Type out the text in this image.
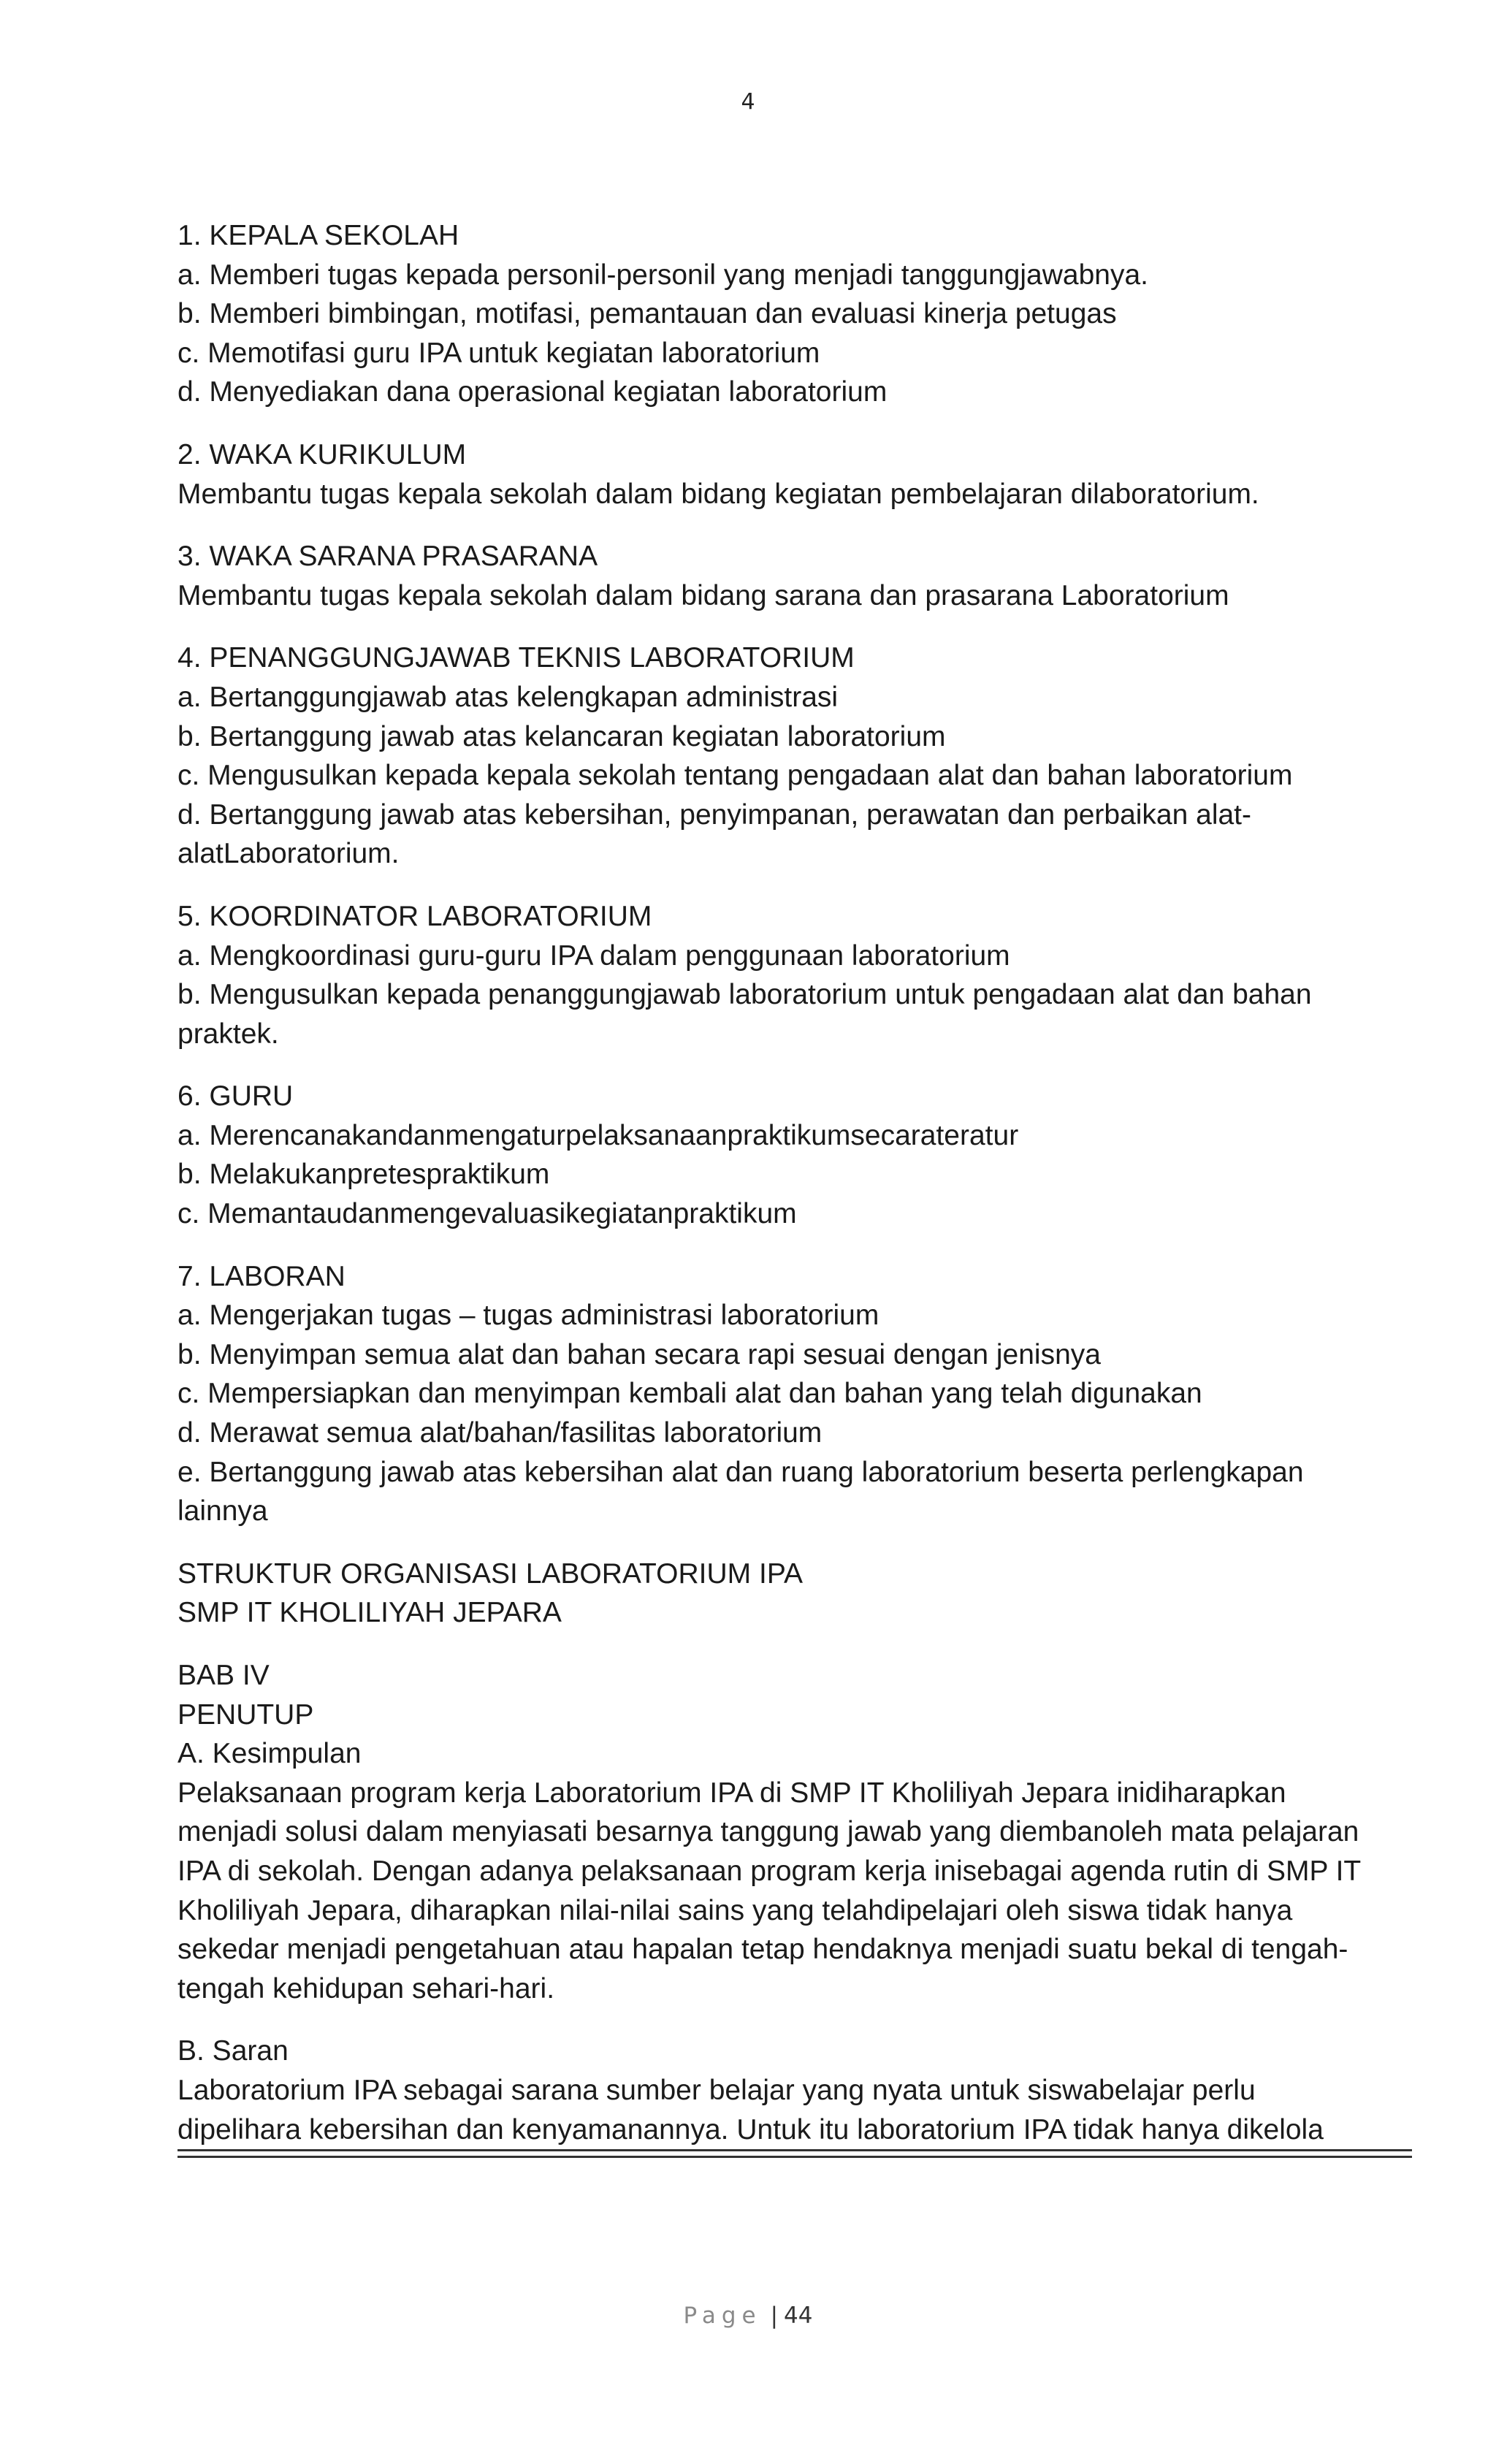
4

1. KEPALA SEKOLAH

a. Memberi tugas kepada personil-personil yang menjadi tanggungjawabnya.

b. Memberi bimbingan, motifasi, pemantauan dan evaluasi kinerja petugas

c. Memotifasi guru IPA untuk kegiatan laboratorium

d. Menyediakan dana operasional kegiatan laboratorium

2. WAKA KURIKULUM

Membantu tugas kepala sekolah dalam bidang kegiatan pembelajaran dilaboratorium.

3. WAKA SARANA PRASARANA

Membantu tugas kepala sekolah dalam bidang sarana dan prasarana Laboratorium

4. PENANGGUNGJAWAB TEKNIS LABORATORIUM

a. Bertanggungjawab atas kelengkapan administrasi

b. Bertanggung jawab atas kelancaran kegiatan laboratorium

c. Mengusulkan kepada kepala sekolah tentang pengadaan alat dan bahan laboratorium

d. Bertanggung jawab atas kebersihan, penyimpanan, perawatan dan perbaikan alat-

alatLaboratorium.

5. KOORDINATOR LABORATORIUM

a. Mengkoordinasi guru-guru IPA dalam penggunaan laboratorium

b. Mengusulkan kepada penanggungjawab laboratorium untuk pengadaan alat dan bahan

praktek.

6. GURU

a. Merencanakandanmengaturpelaksanaanpraktikumsecarateratur

b. Melakukanpretespraktikum

c. Memantaudanmengevaluasikegiatanpraktikum

7. LABORAN

a. Mengerjakan tugas – tugas administrasi laboratorium

b. Menyimpan semua alat dan bahan secara rapi sesuai dengan jenisnya

c. Mempersiapkan dan menyimpan kembali alat dan bahan yang telah digunakan

d. Merawat semua alat/bahan/fasilitas laboratorium

e. Bertanggung jawab atas kebersihan alat dan ruang laboratorium beserta perlengkapan

lainnya

STRUKTUR ORGANISASI LABORATORIUM IPA

SMP IT KHOLILIYAH JEPARA

BAB IV

PENUTUP

A. Kesimpulan

Pelaksanaan program kerja Laboratorium IPA di SMP IT Kholiliyah Jepara inidiharapkan

menjadi solusi dalam menyiasati besarnya tanggung jawab yang diembanoleh mata pelajaran

IPA di sekolah. Dengan adanya pelaksanaan program kerja inisebagai agenda rutin di SMP IT

Kholiliyah Jepara, diharapkan nilai-nilai sains yang telahdipelajari oleh siswa tidak hanya

sekedar menjadi pengetahuan atau hapalan tetap hendaknya menjadi suatu bekal di tengah-

tengah kehidupan sehari-hari.

B. Saran

Laboratorium IPA sebagai sarana sumber belajar yang nyata untuk siswabelajar perlu

dipelihara kebersihan dan kenyamanannya. Untuk itu laboratorium IPA tidak hanya dikelola

Page | 44
